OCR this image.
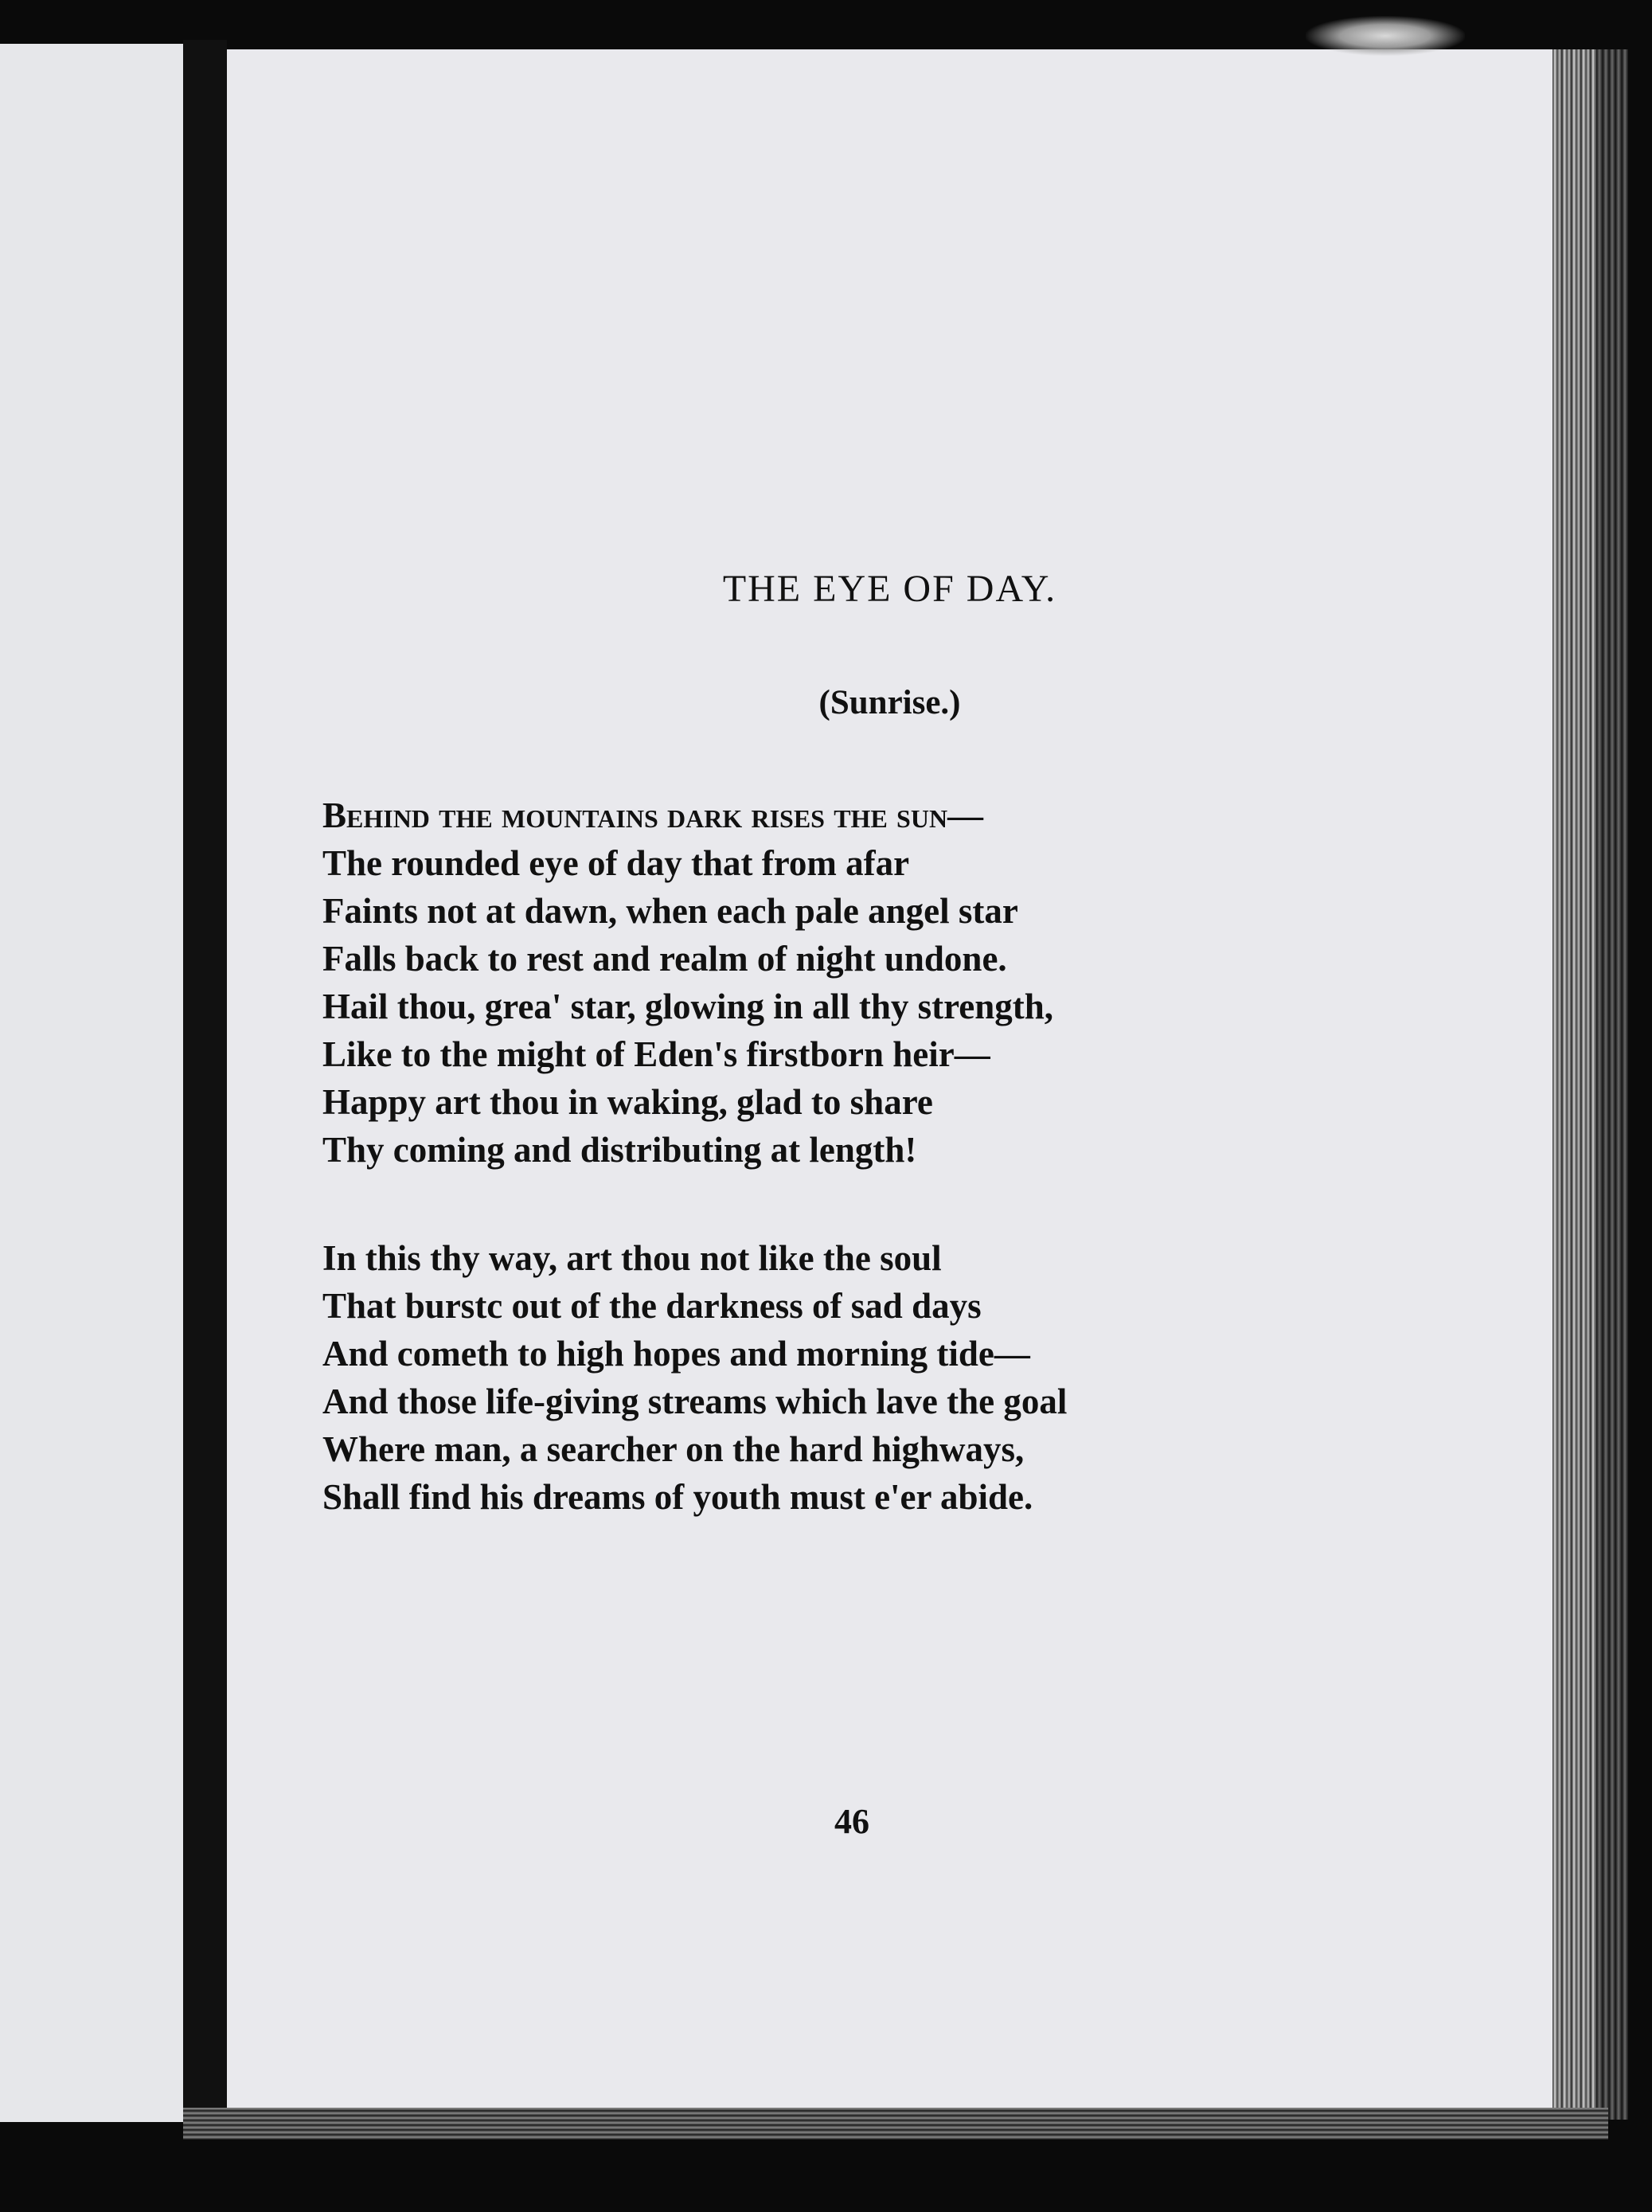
THE EYE OF DAY.
(Sunrise.)
Behind the mountains dark rises the sun—
The rounded eye of day that from afar
Faints not at dawn, when each pale angel star
Falls back to rest and realm of night undone.
Hail thou, grea' star, glowing in all thy strength,
Like to the might of Eden's firstborn heir—
Happy art thou in waking, glad to share
Thy coming and distributing at length!
In this thy way, art thou not like the soul
That burstc out of the darkness of sad days
And cometh to high hopes and morning tide—
And those life-giving streams which lave the goal
Where man, a searcher on the hard highways,
Shall find his dreams of youth must e'er abide.
46
